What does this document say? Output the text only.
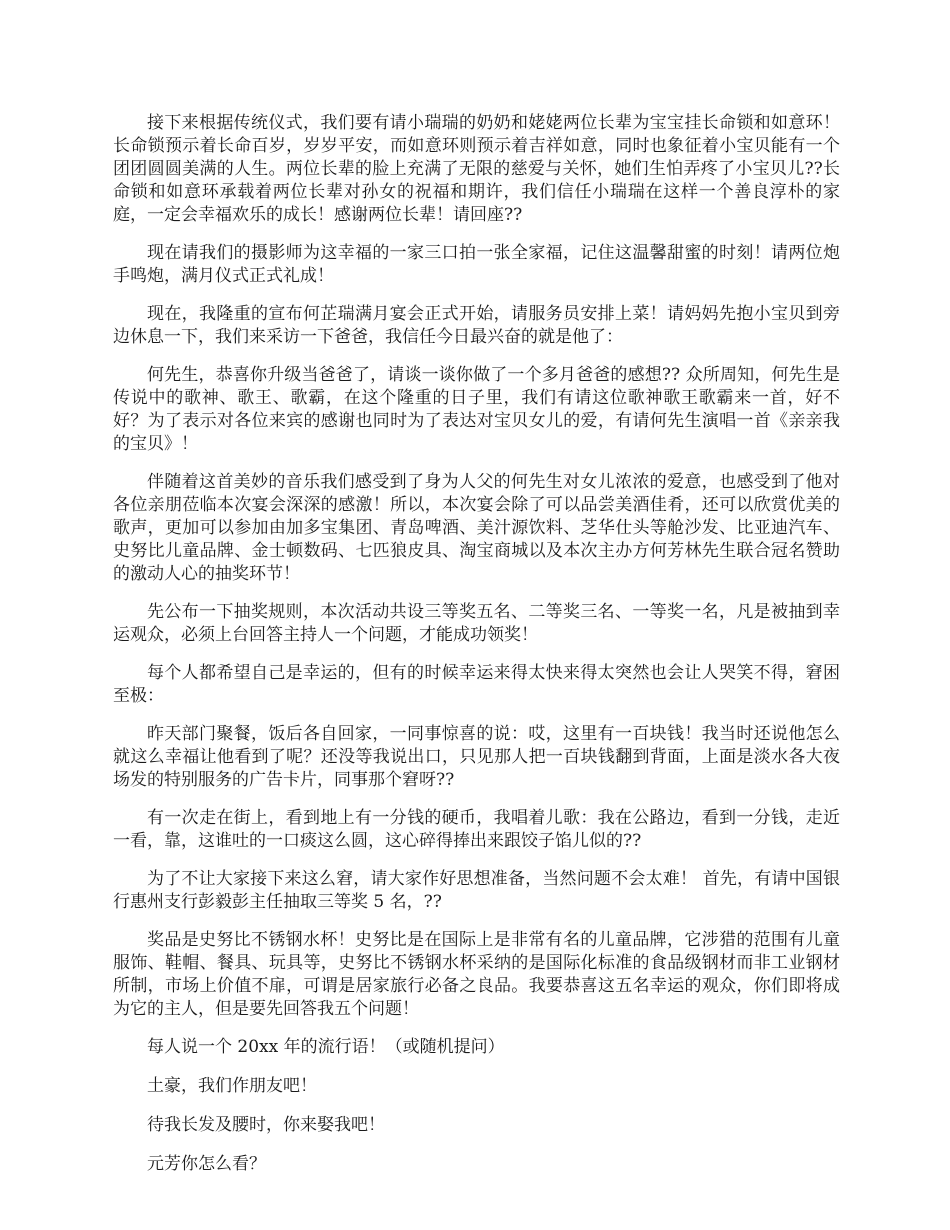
接下来根据传统仪式，我们要有请小瑞瑞的奶奶和姥姥两位长辈为宝宝挂长命锁和如意环！长命锁预示着长命百岁，岁岁平安，而如意环则预示着吉祥如意，同时也象征着小宝贝能有一个团团圆圆美满的人生。两位长辈的脸上充满了无限的慈爱与关怀，她们生怕弄疼了小宝贝儿??长命锁和如意环承载着两位长辈对孙女的祝福和期许，我们信任小瑞瑞在这样一个善良淳朴的家庭，一定会幸福欢乐的成长！感谢两位长辈！请回座??

现在请我们的摄影师为这幸福的一家三口拍一张全家福，记住这温馨甜蜜的时刻！请两位炮手鸣炮，满月仪式正式礼成！

现在，我隆重的宣布何芷瑞满月宴会正式开始，请服务员安排上菜！请妈妈先抱小宝贝到旁边休息一下，我们来采访一下爸爸，我信任今日最兴奋的就是他了：

何先生，恭喜你升级当爸爸了，请谈一谈你做了一个多月爸爸的感想?? 众所周知，何先生是传说中的歌神、歌王、歌霸，在这个隆重的日子里，我们有请这位歌神歌王歌霸来一首，好不好？为了表示对各位来宾的感谢也同时为了表达对宝贝女儿的爱，有请何先生演唱一首《亲亲我的宝贝》！

伴随着这首美妙的音乐我们感受到了身为人父的何先生对女儿浓浓的爱意，也感受到了他对各位亲朋莅临本次宴会深深的感激！所以，本次宴会除了可以品尝美酒佳肴，还可以欣赏优美的歌声，更加可以参加由加多宝集团、青岛啤酒、美汁源饮料、芝华仕头等舱沙发、比亚迪汽车、史努比儿童品牌、金士顿数码、七匹狼皮具、淘宝商城以及本次主办方何芳林先生联合冠名赞助的激动人心的抽奖环节！

先公布一下抽奖规则，本次活动共设三等奖五名、二等奖三名、一等奖一名，凡是被抽到幸运观众，必须上台回答主持人一个问题，才能成功领奖！

每个人都希望自己是幸运的，但有的时候幸运来得太快来得太突然也会让人哭笑不得，窘困至极：

昨天部门聚餐，饭后各自回家，一同事惊喜的说：哎，这里有一百块钱！我当时还说他怎么就这么幸福让他看到了呢？还没等我说出口，只见那人把一百块钱翻到背面，上面是淡水各大夜场发的特别服务的广告卡片，同事那个窘呀??

有一次走在街上，看到地上有一分钱的硬币，我唱着儿歌：我在公路边，看到一分钱，走近一看，靠，这谁吐的一口痰这么圆，这心碎得捧出来跟饺子馅儿似的??

为了不让大家接下来这么窘，请大家作好思想准备，当然问题不会太难！ 首先，有请中国银行惠州支行彭毅彭主任抽取三等奖 5 名，??

奖品是史努比不锈钢水杯！史努比是在国际上是非常有名的儿童品牌，它涉猎的范围有儿童服饰、鞋帽、餐具、玩具等，史努比不锈钢水杯采纳的是国际化标准的食品级钢材而非工业钢材所制，市场上价值不扉，可谓是居家旅行必备之良品。我要恭喜这五名幸运的观众，你们即将成为它的主人，但是要先回答我五个问题！

每人说一个 20xx 年的流行语！（或随机提问）

土豪，我们作朋友吧！

待我长发及腰时，你来娶我吧！

元芳你怎么看？
